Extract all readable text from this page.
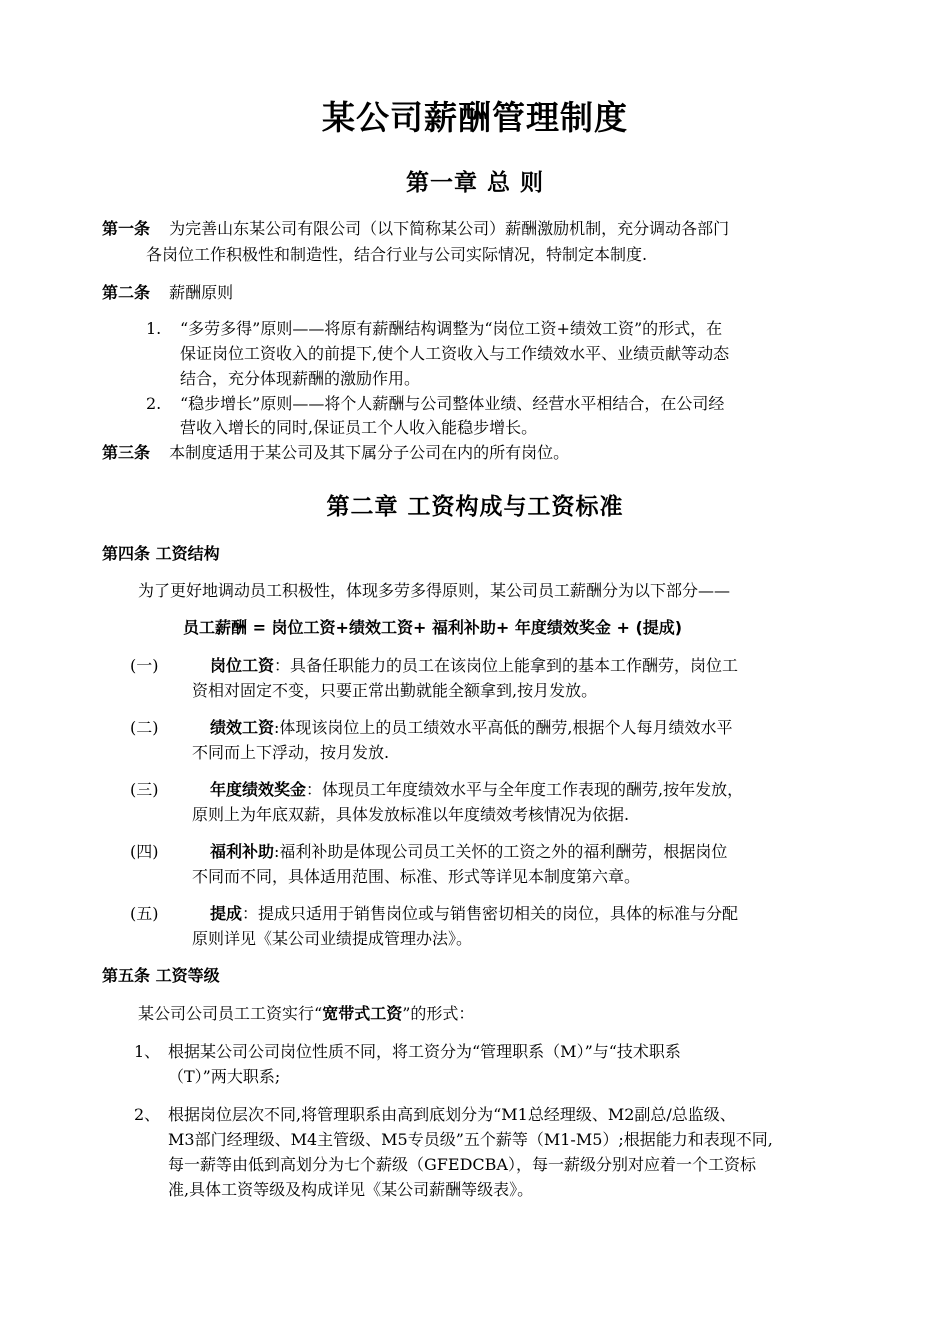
某公司薪酬管理制度
第一章 总 则
第一条 为完善山东某公司有限公司（以下简称某公司）薪酬激励机制，充分调动各部门
各岗位工作积极性和制造性，结合行业与公司实际情况，特制定本制度.
第二条 薪酬原则
1. “多劳多得”原则——将原有薪酬结构调整为“岗位工资+绩效工资”的形式，在
保证岗位工资收入的前提下,使个人工资收入与工作绩效水平、业绩贡献等动态
结合，充分体现薪酬的激励作用。
2. “稳步增长”原则——将个人薪酬与公司整体业绩、经营水平相结合，在公司经
营收入增长的同时,保证员工个人收入能稳步增长。
第三条 本制度适用于某公司及其下属分子公司在内的所有岗位。
第二章 工资构成与工资标准
第四条 工资结构
为了更好地调动员工积极性，体现多劳多得原则，某公司员工薪酬分为以下部分——
员工薪酬 = 岗位工资+绩效工资+ 福利补助+ 年度绩效奖金 + (提成)
(一)	岗位工资：具备任职能力的员工在该岗位上能拿到的基本工作酬劳，岗位工
资相对固定不变，只要正常出勤就能全额拿到,按月发放。
(二)	绩效工资:体现该岗位上的员工绩效水平高低的酬劳,根据个人每月绩效水平
不同而上下浮动，按月发放.
(三)	年度绩效奖金：体现员工年度绩效水平与全年度工作表现的酬劳,按年发放，
原则上为年底双薪，具体发放标准以年度绩效考核情况为依据.
(四)	福利补助:福利补助是体现公司员工关怀的工资之外的福利酬劳，根据岗位
不同而不同，具体适用范围、标准、形式等详见本制度第六章。
(五)	提成：提成只适用于销售岗位或与销售密切相关的岗位，具体的标准与分配
原则详见《某公司业绩提成管理办法》。
第五条 工资等级
某公司公司员工工资实行“宽带式工资”的形式：
1、 根据某公司公司岗位性质不同，将工资分为“管理职系（M）”与“技术职系
（T）”两大职系;
2、 根据岗位层次不同,将管理职系由高到底划分为“M1总经理级、M2副总/总监级、
M3部门经理级、M4主管级、M5专员级”五个薪等（M1-M5）;根据能力和表现不同,
每一薪等由低到高划分为七个薪级（GFEDCBA），每一薪级分别对应着一个工资标
准,具体工资等级及构成详见《某公司薪酬等级表》。
